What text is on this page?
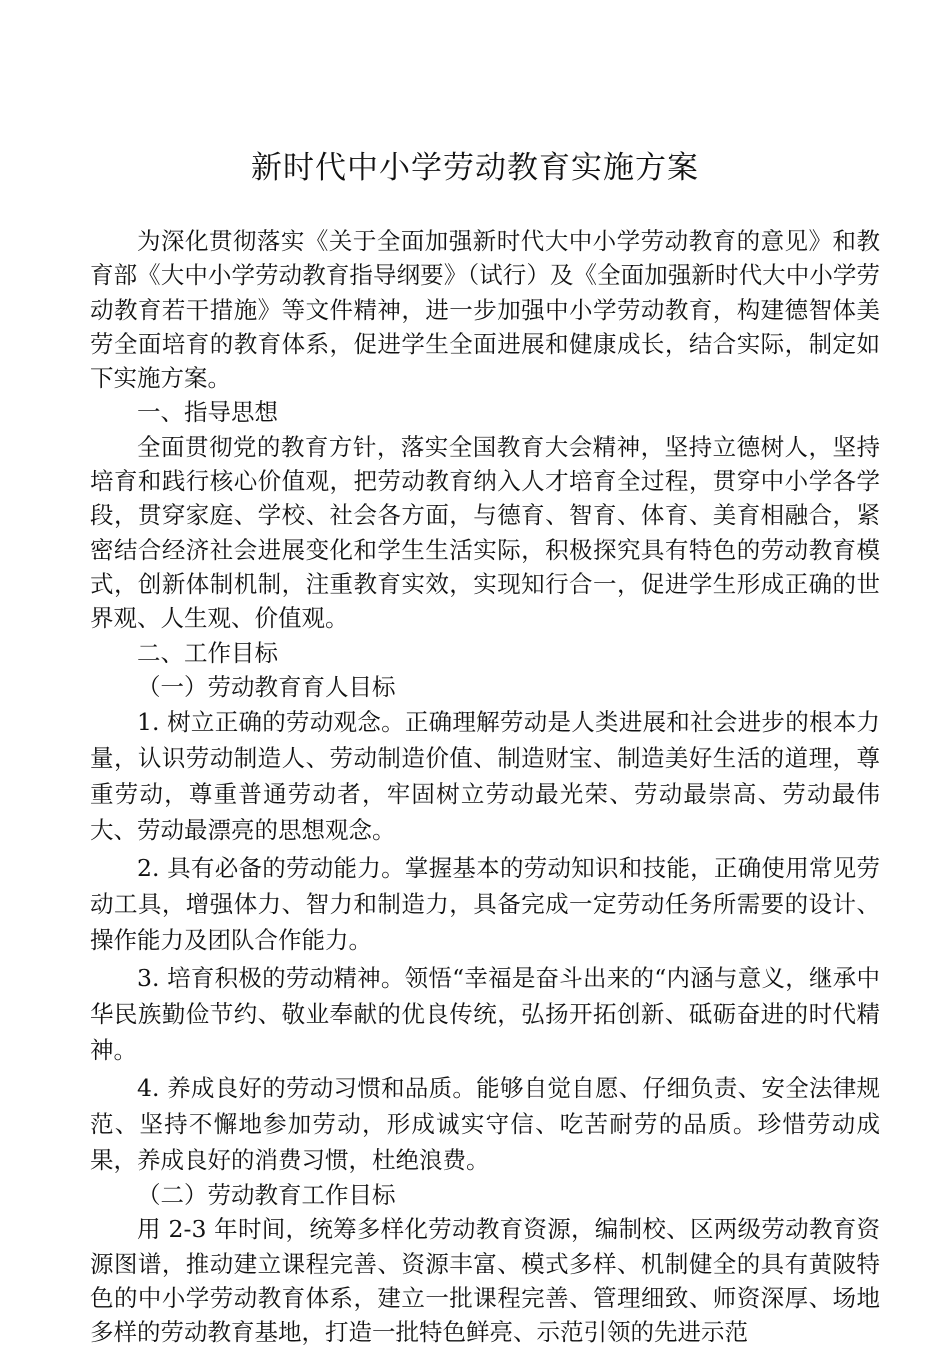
新时代中小学劳动教育实施方案

为深化贯彻落实《关于全面加强新时代大中小学劳动教育的意见》和教育部《大中小学劳动教育指导纲要》（试行）及《全面加强新时代大中小学劳动教育若干措施》等文件精神，进一步加强中小学劳动教育，构建德智体美劳全面培育的教育体系，促进学生全面进展和健康成长，结合实际，制定如下实施方案。

一、指导思想

全面贯彻党的教育方针，落实全国教育大会精神，坚持立德树人，坚持培育和践行核心价值观，把劳动教育纳入人才培育全过程，贯穿中小学各学段，贯穿家庭、学校、社会各方面，与德育、智育、体育、美育相融合，紧密结合经济社会进展变化和学生生活实际，积极探究具有特色的劳动教育模式，创新体制机制，注重教育实效，实现知行合一，促进学生形成正确的世界观、人生观、价值观。

二、工作目标

（一）劳动教育育人目标

1. 树立正确的劳动观念。正确理解劳动是人类进展和社会进步的根本力量，认识劳动制造人、劳动制造价值、制造财宝、制造美好生活的道理，尊重劳动，尊重普通劳动者，牢固树立劳动最光荣、劳动最崇高、劳动最伟大、劳动最漂亮的思想观念。

2. 具有必备的劳动能力。掌握基本的劳动知识和技能，正确使用常见劳动工具，增强体力、智力和制造力，具备完成一定劳动任务所需要的设计、操作能力及团队合作能力。

3. 培育积极的劳动精神。领悟“幸福是奋斗出来的“内涵与意义，继承中华民族勤俭节约、敬业奉献的优良传统，弘扬开拓创新、砥砺奋进的时代精神。

4. 养成良好的劳动习惯和品质。能够自觉自愿、仔细负责、安全法律规范、坚持不懈地参加劳动，形成诚实守信、吃苦耐劳的品质。珍惜劳动成果，养成良好的消费习惯，杜绝浪费。

（二）劳动教育工作目标

用 2-3 年时间，统筹多样化劳动教育资源，编制校、区两级劳动教育资源图谱，推动建立课程完善、资源丰富、模式多样、机制健全的具有黄陂特色的中小学劳动教育体系，建立一批课程完善、管理细致、师资深厚、场地多样的劳动教育基地，打造一批特色鲜亮、示范引领的先进示范
